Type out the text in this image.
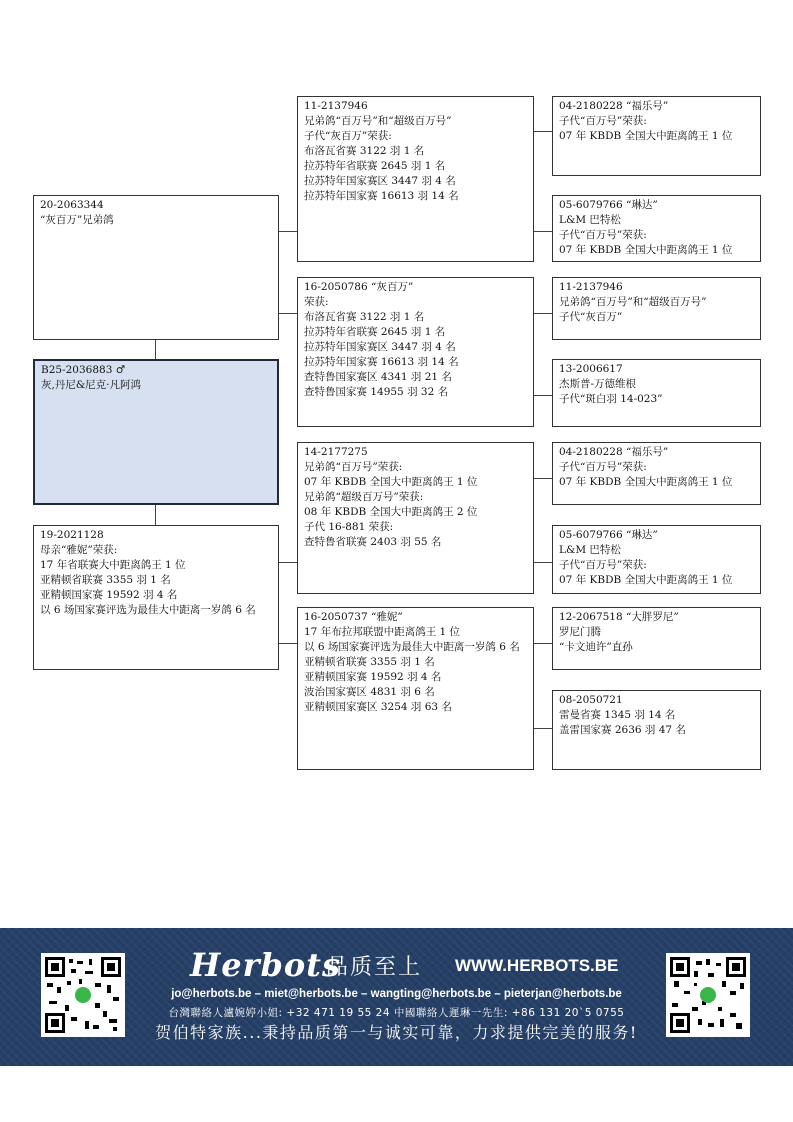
20-2063344
“灰百万”兄弟鸽
B25-2036883 ♂
灰,丹尼&尼克·凡阿鸿
19-2021128
母亲“雅妮”荣获:
17 年省联赛大中距离鸽王 1 位
亚精顿省联赛 3355 羽 1 名
亚精顿国家赛 19592 羽 4 名
以 6 场国家赛评选为最佳大中距离一岁鸽 6 名
11-2137946
兄弟鸽“百万号”和“超级百万号”
子代“灰百万”荣获:
布洛瓦省赛 3122 羽 1 名
拉苏特年省联赛 2645 羽 1 名
拉苏特年国家赛区 3447 羽 4 名
拉苏特年国家赛 16613 羽 14 名
16-2050786 “灰百万”
荣获:
布洛瓦省赛 3122 羽 1 名
拉苏特年省联赛 2645 羽 1 名
拉苏特年国家赛区 3447 羽 4 名
拉苏特年国家赛 16613 羽 14 名
查特鲁国家赛区 4341 羽 21 名
查特鲁国家赛 14955 羽 32 名
14-2177275
兄弟鸽“百万号”荣获:
07 年 KBDB 全国大中距离鸽王 1 位
兄弟鸽“超级百万号”荣获:
08 年 KBDB 全国大中距离鸽王 2 位
子代 16-881 荣获:
查特鲁省联赛 2403 羽 55 名
16-2050737 “雅妮”
17 年布拉邦联盟中距离鸽王 1 位
以 6 场国家赛评选为最佳大中距离一岁鸽 6 名
亚精顿省联赛 3355 羽 1 名
亚精顿国家赛 19592 羽 4 名
波治国家赛区 4831 羽 6 名
亚精顿国家赛区 3254 羽 63 名
04-2180228 “福乐号”
子代“百万号”荣获:
07 年 KBDB 全国大中距离鸽王 1 位
05-6079766 “琳达”
L&M 巴特松
子代“百万号”荣获:
07 年 KBDB 全国大中距离鸽王 1 位
11-2137946
兄弟鸽“百万号”和“超级百万号”
子代“灰百万”
13-2006617
杰斯普-万德维根
子代“斑白羽 14-023”
04-2180228 “福乐号”
子代“百万号”荣获:
07 年 KBDB 全国大中距离鸽王 1 位
05-6079766 “琳达”
L&M 巴特松
子代“百万号”荣获:
07 年 KBDB 全国大中距离鸽王 1 位
12-2067518 “大胖罗尼”
罗尼门腾
“卡文迪许”直孙
08-2050721
雷曼省赛 1345 羽 14 名
盖雷国家赛 2636 羽 47 名
Herbots
品质至上 WWW.HERBOTS.BE
jo@herbots.be – miet@herbots.be – wangting@herbots.be – pieterjan@herbots.be
台灣聯絡人瀘婉婷小姐: +32 471 19 55 24 中國聯絡人遲琳一先生: +86 131 20`5 0755
贺伯特家族...秉持品质第一与诚实可靠，力求提供完美的服务!
